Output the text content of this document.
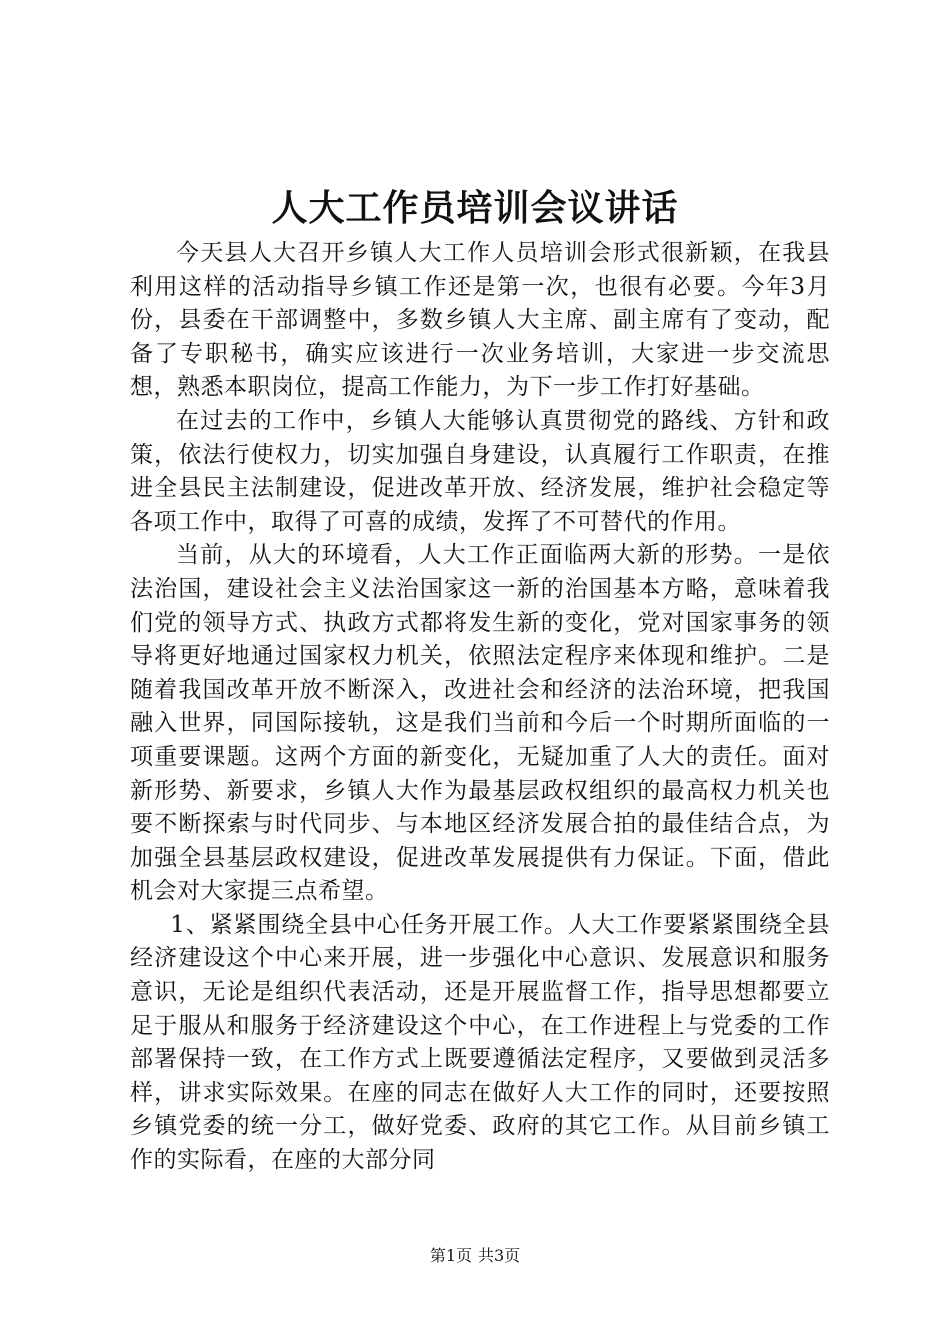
人大工作员培训会议讲话

今天县人大召开乡镇人大工作人员培训会形式很新颖，在我县利用这样的活动指导乡镇工作还是第一次，也很有必要。今年3月份，县委在干部调整中，多数乡镇人大主席、副主席有了变动，配备了专职秘书，确实应该进行一次业务培训，大家进一步交流思想，熟悉本职岗位，提高工作能力，为下一步工作打好基础。

在过去的工作中，乡镇人大能够认真贯彻党的路线、方针和政策，依法行使权力，切实加强自身建设，认真履行工作职责，在推进全县民主法制建设，促进改革开放、经济发展，维护社会稳定等各项工作中，取得了可喜的成绩，发挥了不可替代的作用。

当前，从大的环境看，人大工作正面临两大新的形势。一是依法治国，建设社会主义法治国家这一新的治国基本方略，意味着我们党的领导方式、执政方式都将发生新的变化，党对国家事务的领导将更好地通过国家权力机关，依照法定程序来体现和维护。二是随着我国改革开放不断深入，改进社会和经济的法治环境，把我国融入世界，同国际接轨，这是我们当前和今后一个时期所面临的一项重要课题。这两个方面的新变化，无疑加重了人大的责任。面对新形势、新要求，乡镇人大作为最基层政权组织的最高权力机关也要不断探索与时代同步、与本地区经济发展合拍的最佳结合点，为加强全县基层政权建设，促进改革发展提供有力保证。下面，借此机会对大家提三点希望。

1、紧紧围绕全县中心任务开展工作。人大工作要紧紧围绕全县经济建设这个中心来开展，进一步强化中心意识、发展意识和服务意识，无论是组织代表活动，还是开展监督工作，指导思想都要立足于服从和服务于经济建设这个中心，在工作进程上与党委的工作部署保持一致，在工作方式上既要遵循法定程序，又要做到灵活多样，讲求实际效果。在座的同志在做好人大工作的同时，还要按照乡镇党委的统一分工，做好党委、政府的其它工作。从目前乡镇工作的实际看，在座的大部分同

第1页 共3页
